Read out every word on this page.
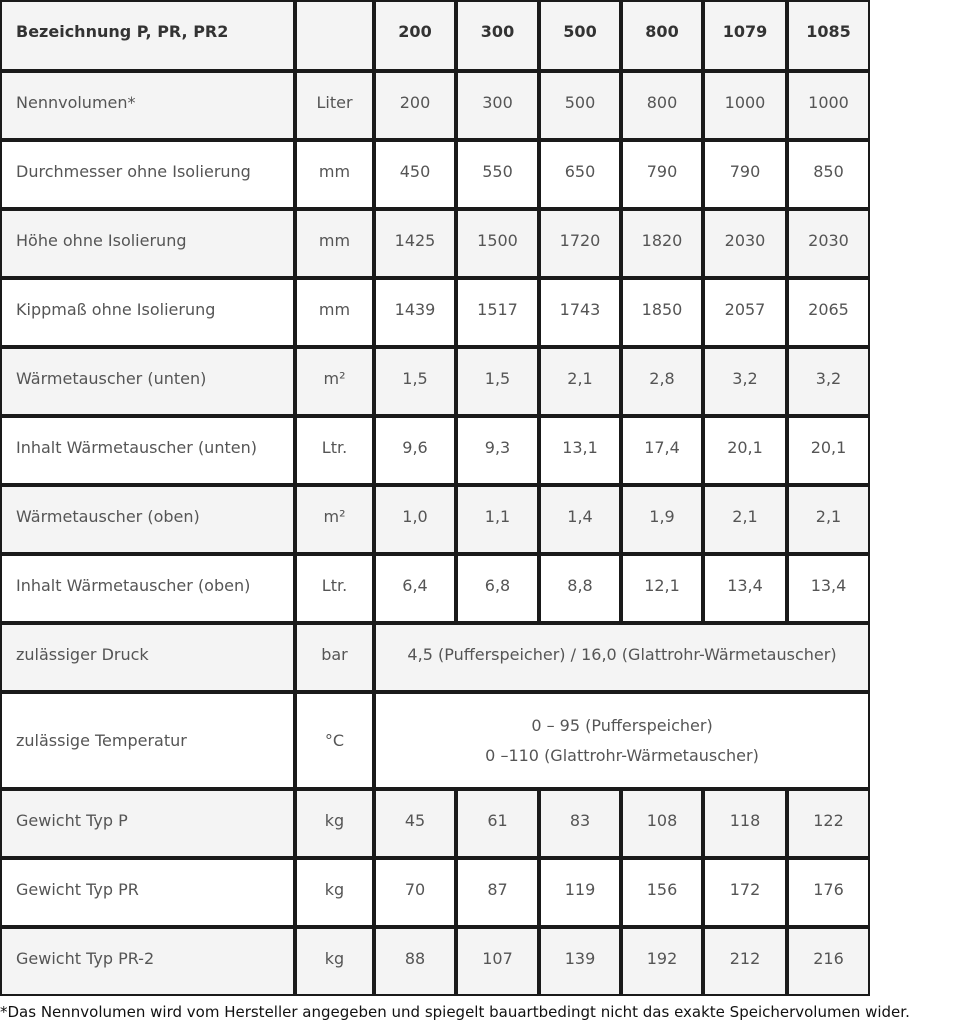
Bezeichnung P, PR, PR2		200	300	500	800	1079	1085
Nennvolumen*	Liter	200	300	500	800	1000	1000
Durchmesser ohne Isolierung	mm	450	550	650	790	790	850
Höhe ohne Isolierung	mm	1425	1500	1720	1820	2030	2030
Kippmaß ohne Isolierung	mm	1439	1517	1743	1850	2057	2065
Wärmetauscher (unten)	m²	1,5	1,5	2,1	2,8	3,2	3,2
Inhalt Wärmetauscher (unten)	Ltr.	9,6	9,3	13,1	17,4	20,1	20,1
Wärmetauscher (oben)	m²	1,0	1,1	1,4	1,9	2,1	2,1
Inhalt Wärmetauscher (oben)	Ltr.	6,4	6,8	8,8	12,1	13,4	13,4
zulässiger Druck	bar	4,5 (Pufferspeicher) / 16,0 (Glattrohr-Wärmetauscher)					
zulässige Temperatur	°C	0 – 95 (Pufferspeicher)
0 –110 (Glattrohr-Wärmetauscher)					

Gewicht Typ P	kg	45	61	83	108	118	122
Gewicht Typ PR	kg	70	87	119	156	172	176
Gewicht Typ PR-2	kg	88	107	139	192	212	216
*Das Nennvolumen wird vom Hersteller angegeben und spiegelt bauartbedingt nicht das exakte Speichervolumen wider.
